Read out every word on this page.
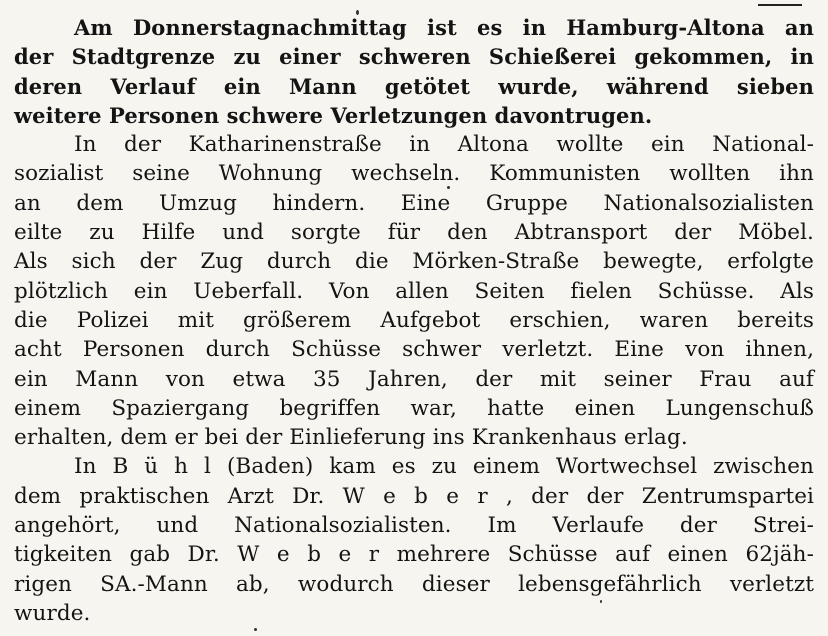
Am Donnerstagnachmittag ist es in Hamburg-Altona an
der Stadtgrenze zu einer schweren Schießerei gekommen, in
deren Verlauf ein Mann getötet wurde, während sieben
weitere Personen schwere Verletzungen davontrugen.
In der Katharinenstraße in Altona wollte ein National-
sozialist seine Wohnung wechseln. Kommunisten wollten ihn
an dem Umzug hindern. Eine Gruppe Nationalsozialisten
eilte zu Hilfe und sorgte für den Abtransport der Möbel.
Als sich der Zug durch die Mörken-Straße bewegte, erfolgte
plötzlich ein Ueberfall. Von allen Seiten fielen Schüsse. Als
die Polizei mit größerem Aufgebot erschien, waren bereits
acht Personen durch Schüsse schwer verletzt. Eine von ihnen,
ein Mann von etwa 35 Jahren, der mit seiner Frau auf
einem Spaziergang begriffen war, hatte einen Lungenschuß
erhalten, dem er bei der Einlieferung ins Krankenhaus erlag.
In B ü h l (Baden) kam es zu einem Wortwechsel zwischen
dem praktischen Arzt Dr. W e b e r , der der Zentrumspartei
angehört, und Nationalsozialisten. Im Verlaufe der Strei-
tigkeiten gab Dr. W e b e r mehrere Schüsse auf einen 62jäh-
rigen SA.-Mann ab, wodurch dieser lebensgefährlich verletzt
wurde.
